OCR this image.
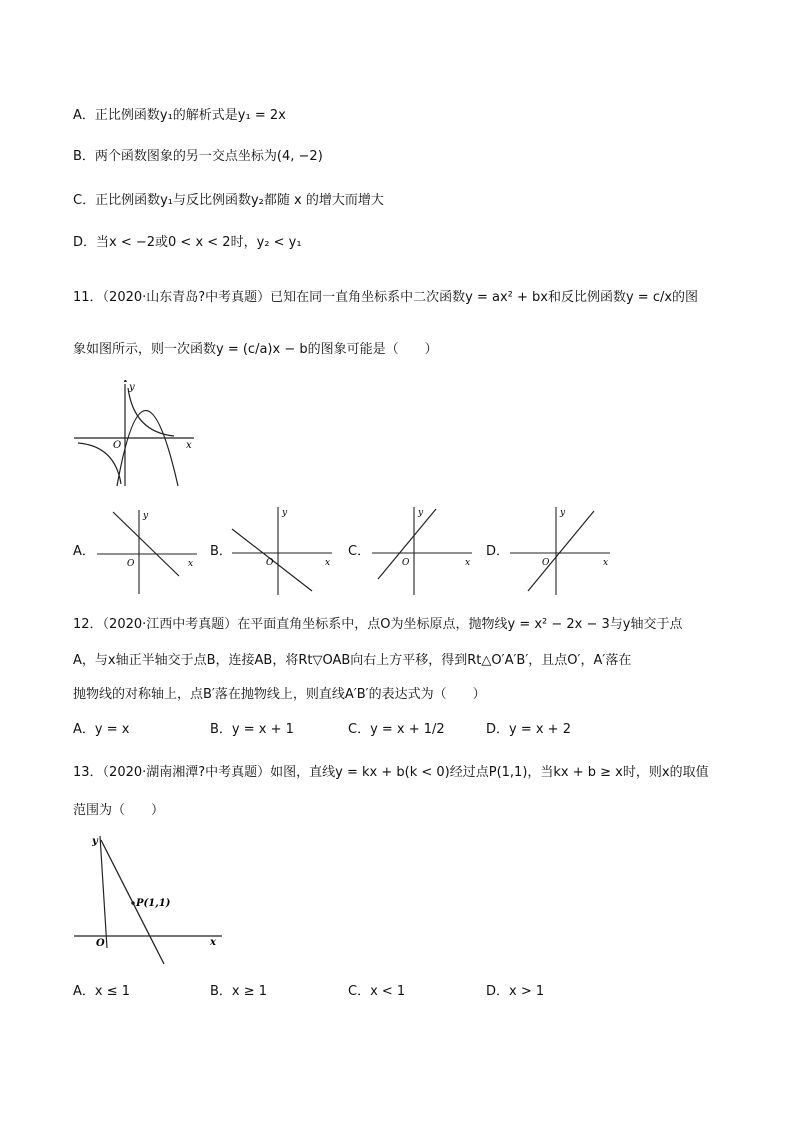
A．正比例函数y₁的解析式是y₁ = 2x
B．两个函数图象的另一交点坐标为(4, −2)
C．正比例函数y₁与反比例函数y₂都随 x 的增大而增大
D．当x < −2或0 < x < 2时，y₂ < y₁
11．（2020·山东青岛?中考真题）已知在同一直角坐标系中二次函数y = ax² + bx和反比例函数y = c/x的图
象如图所示，则一次函数y = (c/a)x − b的图象可能是（　　）
y
x
O
A．
y
x
O
B．
y
x
O
C．
y
x
O
D．
y
x
O
12．（2020·江西中考真题）在平面直角坐标系中，点O为坐标原点，抛物线y = x² − 2x − 3与y轴交于点
A，与x轴正半轴交于点B，连接AB，将Rt▽OAB向右上方平移，得到Rt△O′A′B′，且点O′，A′落在
抛物线的对称轴上，点B′落在抛物线上，则直线A′B′的表达式为（　　）
A．y = x	B．y = x + 1	C．y = x + 1/2	D．y = x + 2
13．（2020·湖南湘潭?中考真题）如图，直线y = kx + b(k < 0)经过点P(1,1)，当kx + b ≥ x时，则x的取值
范围为（　　）
y
x
O
P(1,1)
A．x ≤ 1	B．x ≥ 1	C．x < 1	D．x > 1
